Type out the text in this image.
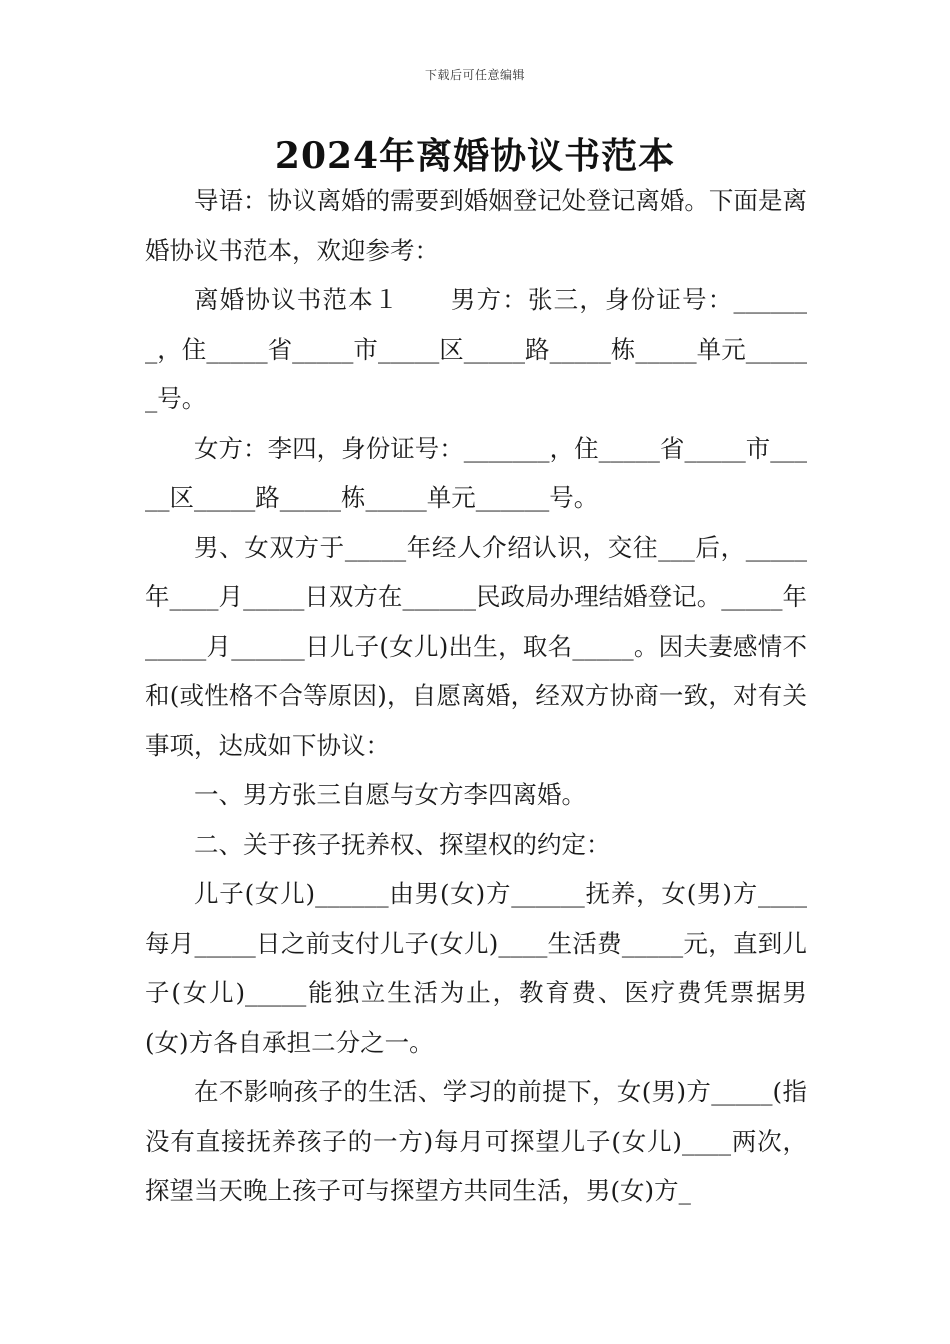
下载后可任意编辑
2024年离婚协议书范本

导语：协议离婚的需要到婚姻登记处登记离婚。下面是离婚协议书范本，欢迎参考：

离婚协议书范本１　　男方：张三，身份证号：_______，住_____省_____市_____区_____路_____栋_____单元______号。

女方：李四，身份证号：_______，住_____省_____市_____区_____路_____栋_____单元______号。

男、女双方于_____年经人介绍认识，交往___后，_____年____月_____日双方在______民政局办理结婚登记。_____年_____月______日儿子(女儿)出生，取名_____。因夫妻感情不和(或性格不合等原因)，自愿离婚，经双方协商一致，对有关事项，达成如下协议：

一、男方张三自愿与女方李四离婚。

二、关于孩子抚养权、探望权的约定：

儿子(女儿)______由男(女)方______抚养，女(男)方____每月_____日之前支付儿子(女儿)____生活费_____元，直到儿子(女儿)_____能独立生活为止，教育费、医疗费凭票据男(女)方各自承担二分之一。

在不影响孩子的生活、学习的前提下，女(男)方_____(指没有直接抚养孩子的一方)每月可探望儿子(女儿)____两次，探望当天晚上孩子可与探望方共同生活，男(女)方_
